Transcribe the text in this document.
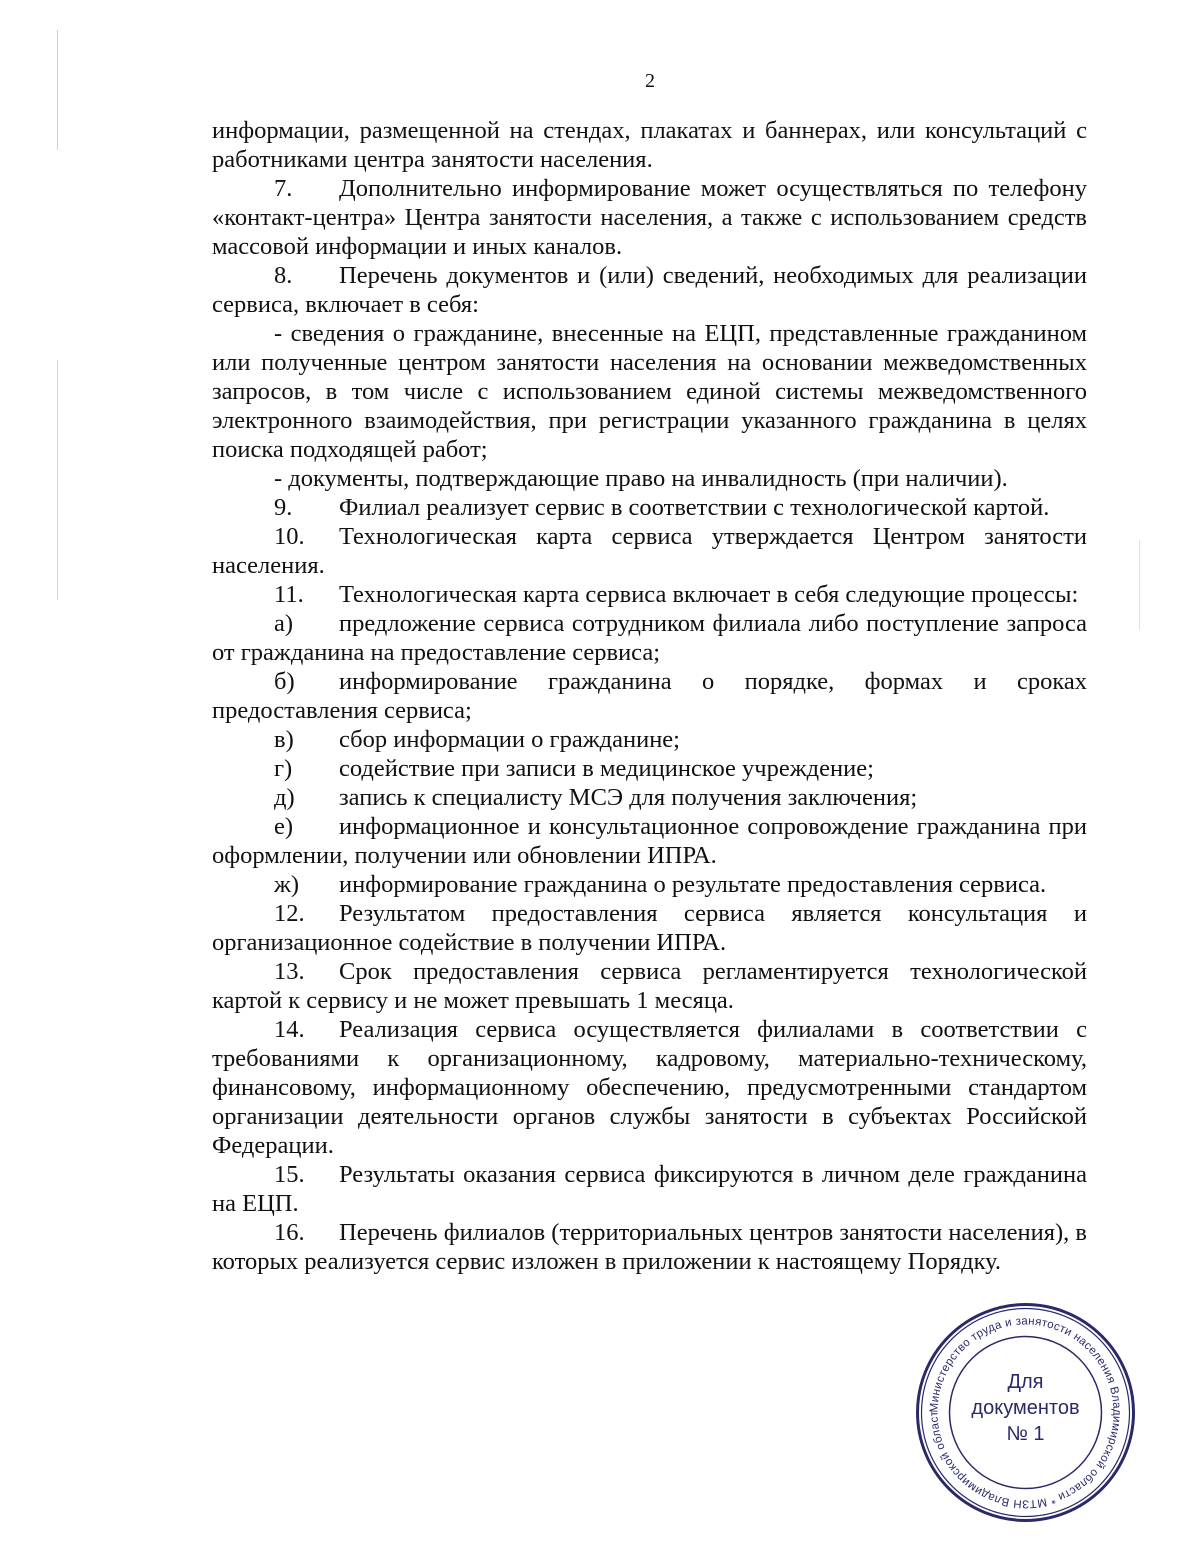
2

информации, размещенной на стендах, плакатах и баннерах, или консультаций с работниками центра занятости населения.

7. Дополнительно информирование может осуществляться по телефону «контакт-центра» Центра занятости населения, а также с использованием средств массовой информации и иных каналов.

8. Перечень документов и (или) сведений, необходимых для реализации сервиса, включает в себя:

- сведения о гражданине, внесенные на ЕЦП, представленные гражданином или полученные центром занятости населения на основании межведомственных запросов, в том числе с использованием единой системы межведомственного электронного взаимодействия, при регистрации указанного гражданина в целях поиска подходящей работ;

- документы, подтверждающие право на инвалидность (при наличии).

9. Филиал реализует сервис в соответствии с технологической картой.

10. Технологическая карта сервиса утверждается Центром занятости населения.

11. Технологическая карта сервиса включает в себя следующие процессы:

а) предложение сервиса сотрудником филиала либо поступление запроса от гражданина на предоставление сервиса;

б) информирование гражданина о порядке, формах и сроках предоставления сервиса;

в) сбор информации о гражданине;

г) содействие при записи в медицинское учреждение;

д) запись к специалисту МСЭ для получения заключения;

е) информационное и консультационное сопровождение гражданина при оформлении, получении или обновлении ИПРА.

ж) информирование гражданина о результате предоставления сервиса.

12. Результатом предоставления сервиса является консультация и организационное содействие в получении ИПРА.

13. Срок предоставления сервиса регламентируется технологической картой к сервису и не может превышать 1 месяца.

14. Реализация сервиса осуществляется филиалами в соответствии с требованиями к организационному, кадровому, материально-техническому, финансовому, информационному обеспечению, предусмотренными стандартом организации деятельности органов службы занятости в субъектах Российской Федерации.

15. Результаты оказания сервиса фиксируются в личном деле гражданина на ЕЦП.

16. Перечень филиалов (территориальных центров занятости населения), в которых реализуется сервис изложен в приложении к настоящему Порядку.

Министерство труда и занятости населения Владимирской области * МТЗН Владимирской област
Для
документов
№ 1
